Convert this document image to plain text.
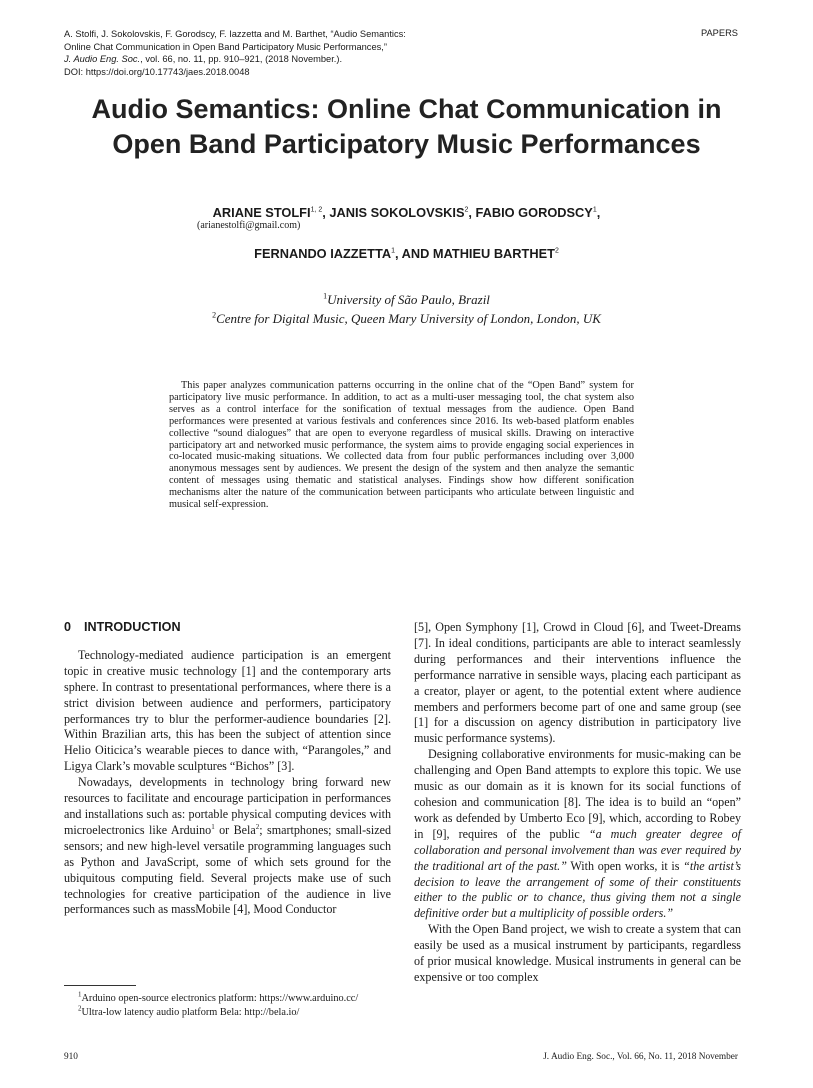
A. Stolfi, J. Sokolovskis, F. Gorodscy, F. Iazzetta and M. Barthet, “Audio Semantics:
Online Chat Communication in Open Band Participatory Music Performances,”
J. Audio Eng. Soc., vol. 66, no. 11, pp. 910–921, (2018 November.).
DOI: https://doi.org/10.17743/jaes.2018.0048
PAPERS
Audio Semantics: Online Chat Communication in
Open Band Participatory Music Performances
ARIANE STOLFI$^{1, 2}$, JANIS SOKOLOVSKIS$^2$, FABIO GORODSCY$^1$,
(arianestolfi@gmail.com)
FERNANDO IAZZETTA$^1$, AND MATHIEU BARTHET$^2$
$^1$University of São Paulo, Brazil
$^2$Centre for Digital Music, Queen Mary University of London, London, UK

This paper analyzes communication patterns occurring in the online chat of the “Open Band” system for participatory live music performance. In addition, to act as a multi-user messaging tool, the chat system also serves as a control interface for the sonification of textual messages from the audience. Open Band performances were presented at various festivals and conferences since 2016. Its web-based platform enables collective “sound dialogues” that are open to everyone regardless of musical skills. Drawing on interactive participatory art and networked music performance, the system aims to provide engaging social experiences in co-located music-making situations. We collected data from four public performances including over 3,000 anonymous messages sent by audiences. We present the design of the system and then analyze the semantic content of messages using thematic and statistical analyses. Findings show how different sonification mechanisms alter the nature of the communication between participants who articulate between linguistic and musical self-expression.

0 INTRODUCTION

Technology-mediated audience participation is an emergent topic in creative music technology [1] and the contemporary arts sphere. In contrast to presentational performances, where there is a strict division between audience and performers, participatory performances try to blur the performer-audience boundaries [2]. Within Brazilian arts, this has been the subject of attention since Helio Oiticica’s wearable pieces to dance with, “Parangoles,” and Ligya Clark’s movable sculptures “Bichos” [3].

Nowadays, developments in technology bring forward new resources to facilitate and encourage participation in performances and installations such as: portable physical computing devices with microelectronics like Arduino$^1$ or Bela$^2$; smartphones; small-sized sensors; and new high-level versatile programming languages such as Python and JavaScript, some of which sets ground for the ubiquitous computing field. Several projects make use of such technologies for creative participation of the audience in live performances such as massMobile [4], Mood Conductor

$^1$Arduino open-source electronics platform: https://www.arduino.cc/

$^2$Ultra-low latency audio platform Bela: http://bela.io/

[5], Open Symphony [1], Crowd in Cloud [6], and Tweet-Dreams [7]. In ideal conditions, participants are able to interact seamlessly during performances and their interventions influence the performance narrative in sensible ways, placing each participant as a creator, player or agent, to the potential extent where audience members and performers become part of one and same group (see [1] for a discussion on agency distribution in participatory live music performance systems).

Designing collaborative environments for music-making can be challenging and Open Band attempts to explore this topic. We use music as our domain as it is known for its social functions of cohesion and communication [8]. The idea is to build an “open” work as defended by Umberto Eco [9], which, according to Robey in [9], requires of the public “a much greater degree of collaboration and personal involvement than was ever required by the traditional art of the past.” With open works, it is “the artist’s decision to leave the arrangement of some of their constituents either to the public or to chance, thus giving them not a single definitive order but a multiplicity of possible orders.”

With the Open Band project, we wish to create a system that can easily be used as a musical instrument by participants, regardless of prior musical knowledge. Musical instruments in general can be expensive or too complex

910	J. Audio Eng. Soc., Vol. 66, No. 11, 2018 November
